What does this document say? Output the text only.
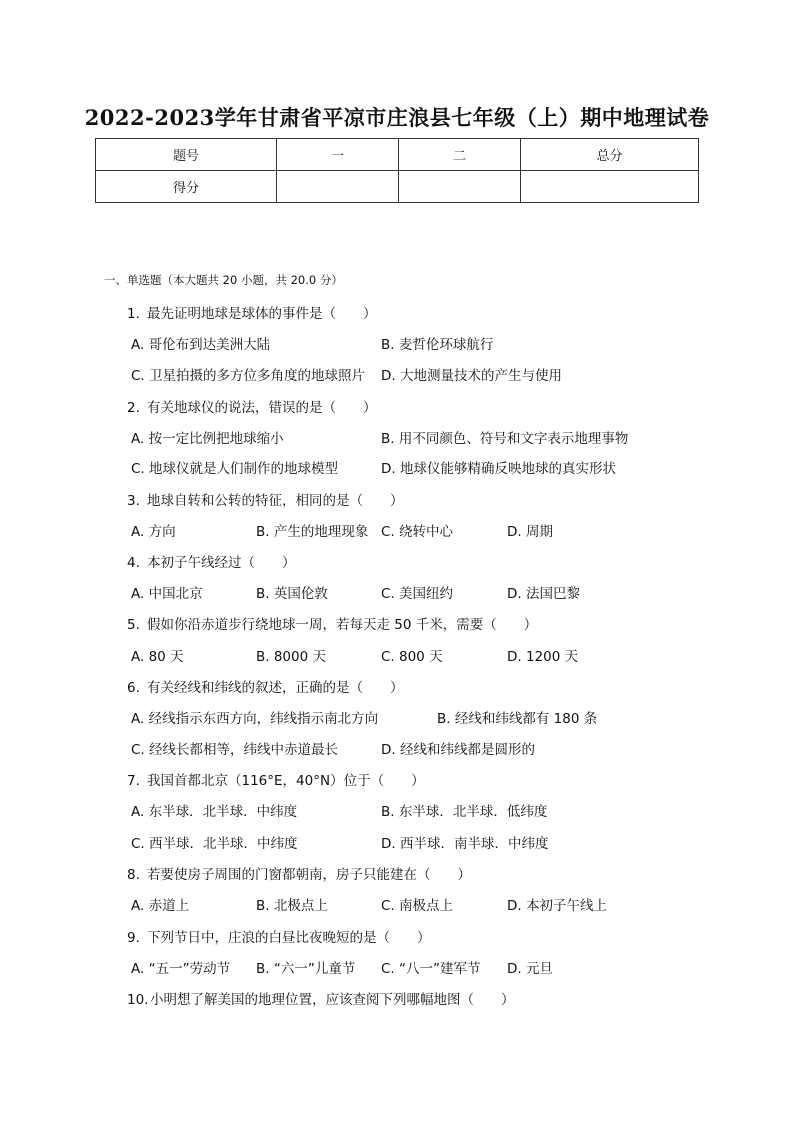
2022-2023学年甘肃省平凉市庄浪县七年级（上）期中地理试卷
题号	一	二	总分
得分			
一、单选题（本大题共 20 小题，共 20.0 分）
1. 最先证明地球是球体的事件是（　　）
A. 哥伦布到达美洲大陆	B. 麦哲伦环球航行
C. 卫星拍摄的多方位多角度的地球照片 D. 大地测量技术的产生与使用
2. 有关地球仪的说法，错误的是（　　）
A. 按一定比例把地球缩小	B. 用不同颜色、符号和文字表示地理事物
C. 地球仪就是人们制作的地球模型	D. 地球仪能够精确反映地球的真实形状
3. 地球自转和公转的特征，相同的是（　　）
A. 方向	B. 产生的地理现象 C. 绕转中心	D. 周期
4. 本初子午线经过（　　）
A. 中国北京	B. 英国伦敦	C. 美国纽约	D. 法国巴黎
5. 假如你沿赤道步行绕地球一周，若每天走 50 千米，需要（　　）
A. 80 天	B. 8000 天	C. 800 天	D. 1200 天
6. 有关经线和纬线的叙述，正确的是（　　）
A. 经线指示东西方向，纬线指示南北方向	B. 经线和纬线都有 180 条
C. 经线长都相等，纬线中赤道最长	D. 经线和纬线都是圆形的
7. 我国首都北京（116°E，40°N）位于（　　）
A. 东半球．北半球．中纬度	B. 东半球．北半球．低纬度
C. 西半球．北半球．中纬度	D. 西半球．南半球．中纬度
8. 若要使房子周围的门窗都朝南，房子只能建在（　　）
A. 赤道上	B. 北极点上	C. 南极点上	D. 本初子午线上
9. 下列节日中，庄浪的白昼比夜晚短的是（　　）
A. “五一”劳动节 B. “六一”儿童节 C. “八一”建军节 D. 元旦
10. 小明想了解美国的地理位置，应该查阅下列哪幅地图（　　）
